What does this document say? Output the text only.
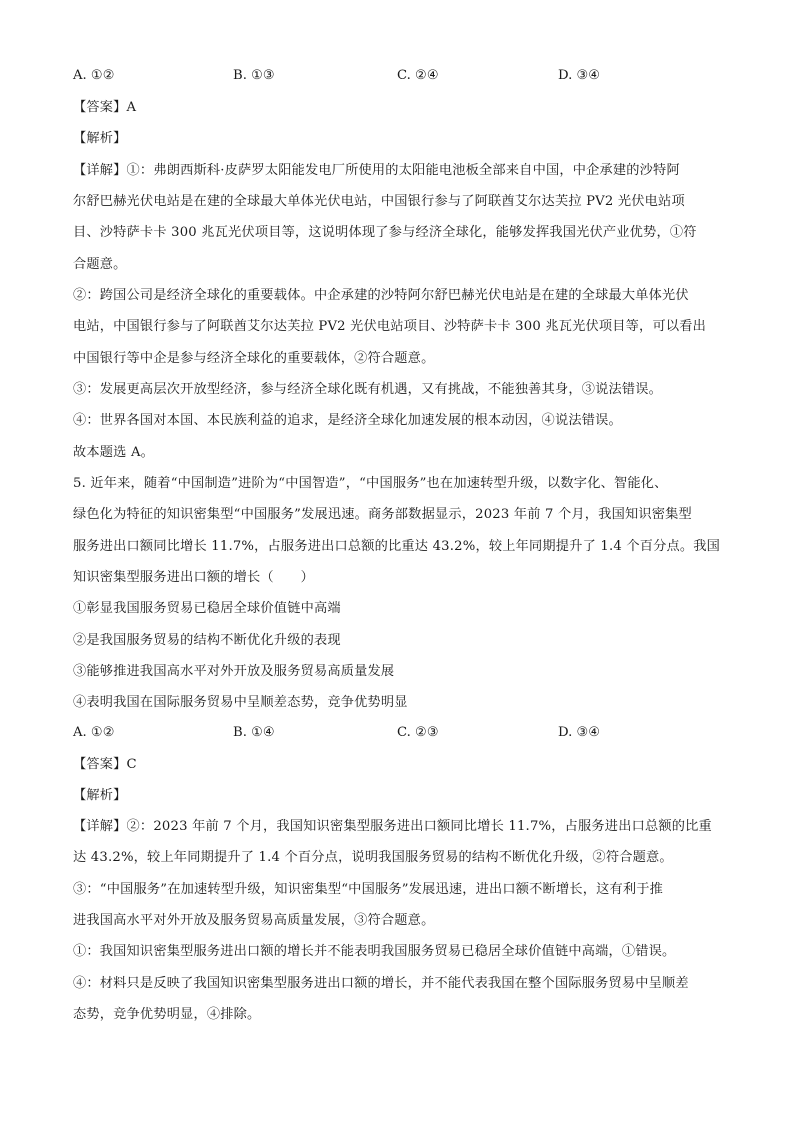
A. ①②	B. ①③	C. ②④	D. ③④
【答案】A
【解析】
【详解】①：弗朗西斯科·皮萨罗太阳能发电厂所使用的太阳能电池板全部来自中国，中企承建的沙特阿
尔舒巴赫光伏电站是在建的全球最大单体光伏电站，中国银行参与了阿联酋艾尔达芙拉 PV2 光伏电站项
目、沙特萨卡卡 300 兆瓦光伏项目等，这说明体现了参与经济全球化，能够发挥我国光伏产业优势，①符
合题意。
②：跨国公司是经济全球化的重要载体。中企承建的沙特阿尔舒巴赫光伏电站是在建的全球最大单体光伏
电站，中国银行参与了阿联酋艾尔达芙拉 PV2 光伏电站项目、沙特萨卡卡 300 兆瓦光伏项目等，可以看出
中国银行等中企是参与经济全球化的重要载体，②符合题意。
③：发展更高层次开放型经济，参与经济全球化既有机遇，又有挑战，不能独善其身，③说法错误。
④：世界各国对本国、本民族利益的追求，是经济全球化加速发展的根本动因，④说法错误。
故本题选 A。
5. 近年来，随着“中国制造”进阶为“中国智造”，“中国服务”也在加速转型升级，以数字化、智能化、
绿色化为特征的知识密集型“中国服务”发展迅速。商务部数据显示，2023 年前 7 个月，我国知识密集型
服务进出口额同比增长 11.7%，占服务进出口总额的比重达 43.2%，较上年同期提升了 1.4 个百分点。我国
知识密集型服务进出口额的增长（　　）
①彰显我国服务贸易已稳居全球价值链中高端
②是我国服务贸易的结构不断优化升级的表现
③能够推进我国高水平对外开放及服务贸易高质量发展
④表明我国在国际服务贸易中呈顺差态势，竞争优势明显
A. ①②	B. ①④	C. ②③	D. ③④
【答案】C
【解析】
【详解】②：2023 年前 7 个月，我国知识密集型服务进出口额同比增长 11.7%，占服务进出口总额的比重
达 43.2%，较上年同期提升了 1.4 个百分点，说明我国服务贸易的结构不断优化升级，②符合题意。
③：“中国服务”在加速转型升级，知识密集型“中国服务”发展迅速，进出口额不断增长，这有利于推
进我国高水平对外开放及服务贸易高质量发展，③符合题意。
①：我国知识密集型服务进出口额的增长并不能表明我国服务贸易已稳居全球价值链中高端，①错误。
④：材料只是反映了我国知识密集型服务进出口额的增长，并不能代表我国在整个国际服务贸易中呈顺差
态势，竞争优势明显，④排除。
